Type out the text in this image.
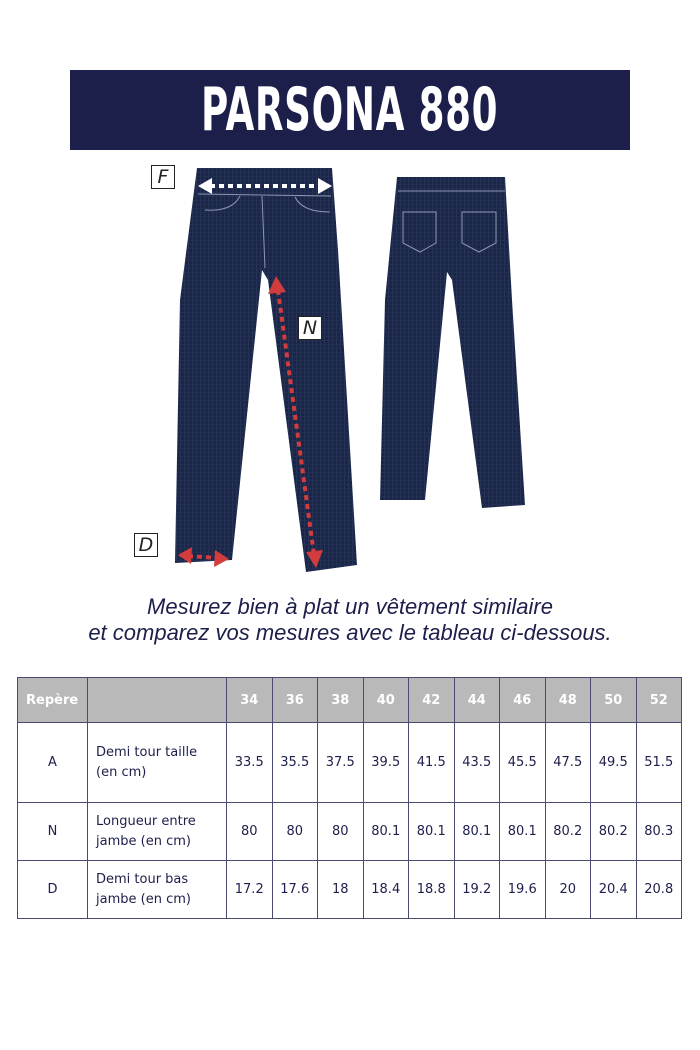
PARSONA 880
F
N
D
Mesurez bien à plat un vêtement similaire
et comparez vos mesures avec le tableau ci-dessous.
Repère		34	36	38	40	42	44	46	48	50	52
A	Demi tour taille (en cm)	33.5	35.5	37.5	39.5	41.5	43.5	45.5	47.5	49.5	51.5
N	Longueur entre jambe (en cm)	80	80	80	80.1	80.1	80.1	80.1	80.2	80.2	80.3
D	Demi tour bas jambe (en cm)	17.2	17.6	18	18.4	18.8	19.2	19.6	20	20.4	20.8
